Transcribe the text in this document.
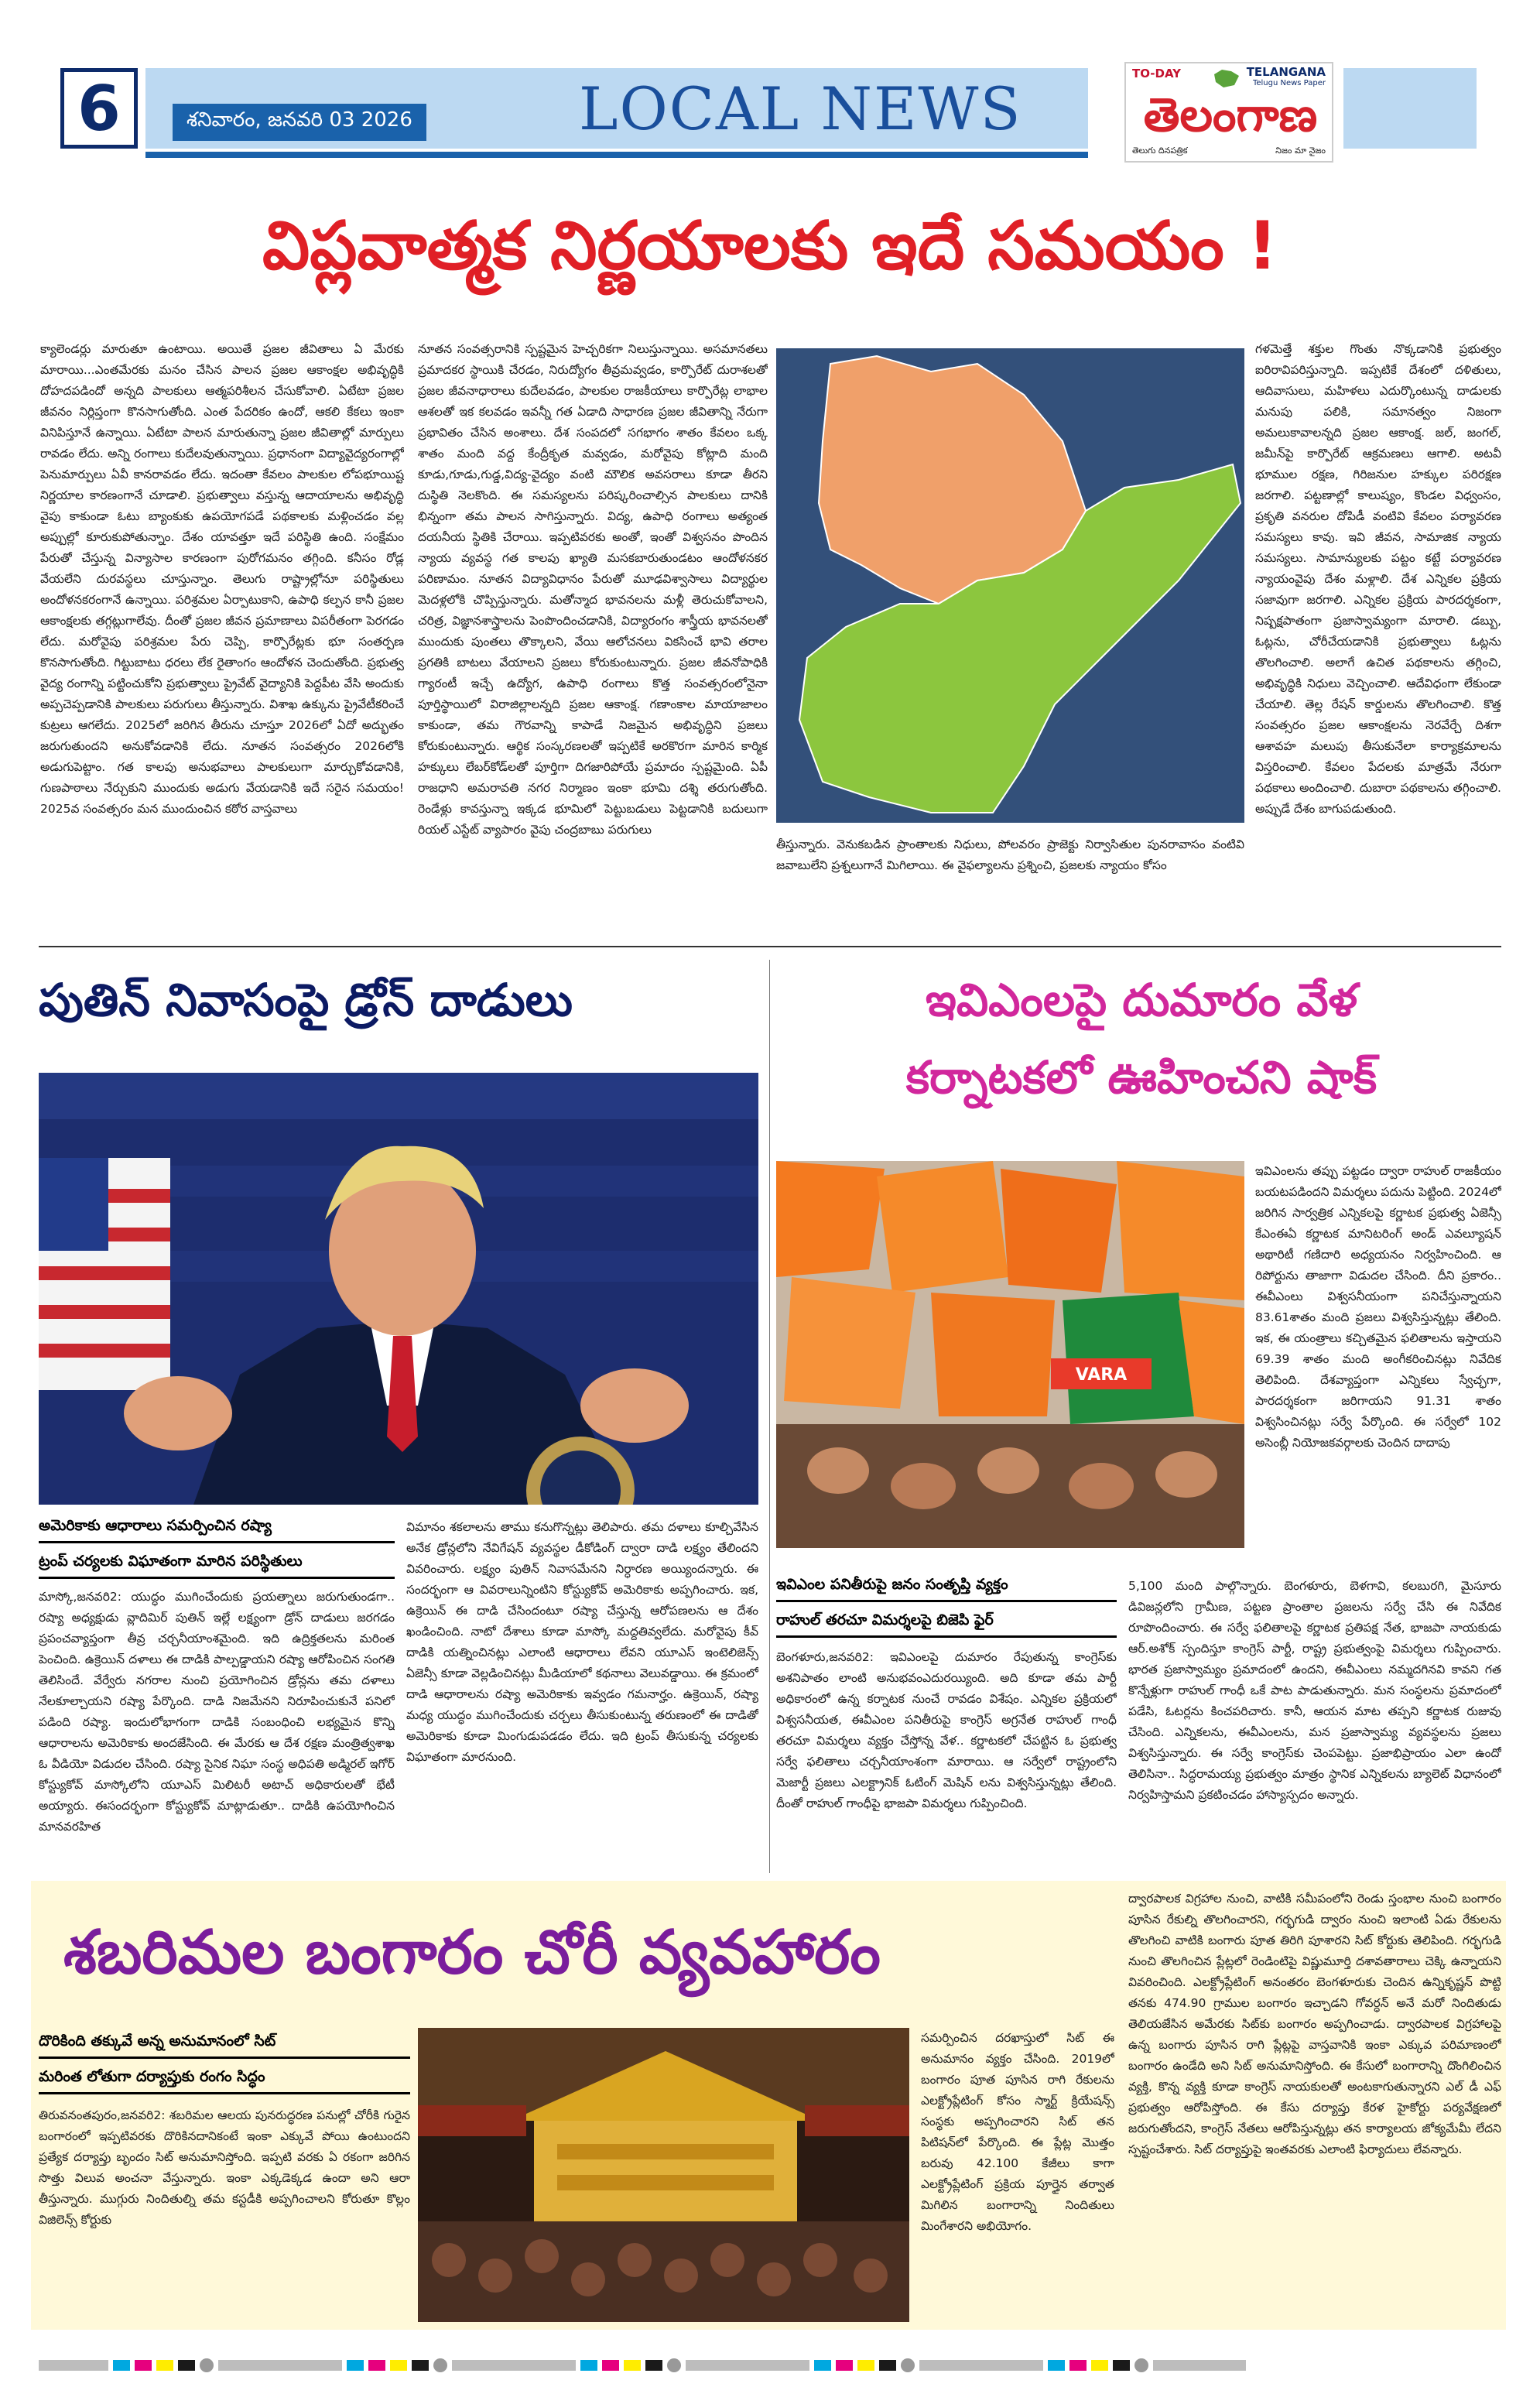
6	శనివారం, జనవరి 03 2026	LOCAL NEWS
TO-DAY	TELANGANA
Telugu News Paper
తెలంగాణ
తెలుగు దినపత్రిక	నిజం మా నైజం
విప్లవాత్మక నిర్ణయాలకు ఇదే సమయం !

క్యాలెండర్లు మారుతూ ఉంటాయి. అయితే ప్రజల జీవితాలు ఏ మేరకు మారాయి...ఎంతమేరకు మనం చేసిన పాలన ప్రజల ఆకాంక్షల అభివృద్ధికి దోహదపడిందో అన్నది పాలకులు ఆత్మపరిశీలన చేసుకోవాలి. ఏటేటా ప్రజల జీవనం నిర్లిప్తంగా కొనసాగుతోంది. ఎంత పేదరికం ఉందో, ఆకలి కేకలు ఇంకా వినిపిస్తూనే ఉన్నాయి. ఏటేటా పాలన మారుతున్నా ప్రజల జీవితాల్లో మార్పులు రావడం లేదు. అన్ని రంగాలు కుదేలవుతున్నాయి. ప్రధానంగా విద్యావైద్యరంగాల్లో పెనుమార్పులు ఏవీ కానరావడం లేదు. ఇదంతా కేవలం పాలకుల లోపభూయిష్ట నిర్ణయాల కారణంగానే చూడాలి. ప్రభుత్వాలు వస్తున్న ఆదాయాలను అభివృద్ధి వైపు కాకుండా ఓటు బ్యాంకుకు ఉపయోగపడే పథకాలకు మళ్లించడం వల్ల అప్పుల్లో కూరుకుపోతున్నాం. దేశం యావత్తూ ఇదే పరిస్థితి ఉంది. సంక్షేమం పేరుతో చేస్తున్న విన్యాసాల కారణంగా పురోగమనం తగ్గింది. కనీసం రోడ్ల వేయలేని దురవస్థలు చూస్తున్నాం. తెలుగు రాష్ట్రాల్లోనూ పరిస్థితులు అందోళనకరంగానే ఉన్నాయి. పరిశ్రమల ఏర్పాటుకాని, ఉపాధి కల్పన కానీ ప్రజల ఆకాంక్షలకు తగ్గట్లుగాలేవు. దీంతో ప్రజల జీవన ప్రమాణాలు విపరీతంగా పెరగడం లేదు. మరోవైపు పరిశ్రమల పేరు చెప్పి, కార్పొరేట్లకు భూ సంతర్పణ కొనసాగుతోంది. గిట్టుబాటు ధరలు లేక రైతాంగం ఆందోళన చెందుతోంది. ప్రభుత్వ వైద్య రంగాన్ని పట్టించుకోని ప్రభుత్వాలు ప్రైవేట్ వైద్యానికి పెద్దపీట వేసి అందుకు అప్పచెప్పడానికి పాలకులు పరుగులు తీస్తున్నారు. విశాఖ ఉక్కును ప్రైవేటీకరించే కుట్రలు ఆగలేదు. 2025లో జరిగిన తీరును చూస్తూ 2026లో ఏదో అద్భుతం జరుగుతుందని అనుకోవడానికి లేదు. నూతన సంవత్సరం 2026లోకి అడుగుపెట్టాం. గత కాలపు అనుభవాలు పాలకులుగా మార్చుకోవడానికి, గుణపాఠాలు నేర్చుకుని ముందుకు అడుగు వేయడానికి ఇదే సరైన సమయం! 2025వ సంవత్సరం మన ముందుంచిన కఠోర వాస్తవాలు

నూతన సంవత్సరానికి స్పష్టమైన హెచ్చరికగా నిలుస్తున్నాయి. అసమానతలు ప్రమాదకర స్థాయికి చేరడం, నిరుద్యోగం తీవ్రమవ్వడం, కార్పొరేట్ దురాశలతో ప్రజల జీవనాధారాలు కుదేలవడం, పాలకుల రాజకీయాలు కార్పొరేట్ల లాభాల ఆశలతో ఇక కలవడం ఇవన్నీ గత ఏడాది సాధారణ ప్రజల జీవితాన్ని నేరుగా ప్రభావితం చేసిన అంశాలు. దేశ సంపదలో సగభాగం శాతం కేవలం ఒక్క శాతం మంది వద్ద కేంద్రీకృత మవ్వడం, మరోవైపు కోట్లాది మంది కూడు,గూడు,గుడ్డ,విద్య-వైద్యం వంటి మౌలిక అవసరాలు కూడా తీరని దుస్థితి నెలకొంది. ఈ సమస్యలను పరిష్కరించాల్సిన పాలకులు దానికి భిన్నంగా తమ పాలన సాగిస్తున్నారు. విద్య, ఉపాధి రంగాలు అత్యంత దయనీయ స్థితికి చేరాయి. ఇప్పటివరకు అంతో, ఇంతో విశ్వసనం పొందిన న్యాయ వ్యవస్థ గత కాలపు ఖ్యాతి మసకబారుతుండటం ఆందోళనకర పరిణామం. నూతన విద్యావిధానం పేరుతో మూఢవిశ్వాసాలు విద్యార్థుల మెదళ్లలోకి చొప్పిస్తున్నారు. మతోన్మాద భావనలను మళ్లీ తెరుచుకోవాలని, చరిత్ర, విజ్ఞానశాస్త్రాలను పెంపొందించడానికి, విద్యారంగం శాస్త్రీయ భావనలతో ముందుకు పుంతలు తొక్కాలని, వేయి ఆలోచనలు వికసించే భావి తరాల ప్రగతికి బాటలు వేయాలని ప్రజలు కోరుకుంటున్నారు. ప్రజల జీవనోపాధికి గ్యారంటీ ఇచ్చే ఉద్యోగ, ఉపాధి రంగాలు కొత్త సంవత్సరంలోనైనా పూర్తిస్థాయిలో విరాజిల్లాలన్నది ప్రజల ఆకాంక్ష. గణాంకాల మాయాజాలం కాకుండా, తమ గౌరవాన్ని కాపాడే నిజమైన అభివృద్ధిని ప్రజలు కోరుకుంటున్నారు. ఆర్థిక సంస్కరణలతో ఇప్పటికే అరకొరగా మారిన కార్మిక హక్కులు లేబర్‌కోడ్‌లతో పూర్తిగా దిగజారిపోయే ప్రమాదం స్పష్టమైంది. ఏపీ రాజధాని అమరావతి నగర నిర్మాణం ఇంకా భూమి దశ్శి తరుగుతోంది. రెండేళ్లు కావస్తున్నా ఇక్కడ భూమిలో పెట్టుబడులు పెట్టడానికి బదులుగా రియల్ ఎస్టేట్ వ్యాపారం వైపు చంద్రబాబు పరుగులు

తీస్తున్నారు. వెనుకబడిన ప్రాంతాలకు నిధులు, పోలవరం ప్రాజెక్టు నిర్వాసితుల పునరావాసం వంటివి జవాబులేని ప్రశ్నలుగానే మిగిలాయి. ఈ వైఫల్యాలను ప్రశ్నించి, ప్రజలకు న్యాయం కోసం

గళమెత్తే శక్తుల గొంతు నొక్కడానికి ప్రభుత్వం ఐరిరావిపరిస్తున్నాది. ఇప్పటికే దేశంలో దళితులు, ఆదివాసులు, మహిళలు ఎదుర్కొంటున్న దాడులకు మనుపు పలికి, సమానత్వం నిజంగా అమలుకావాలన్నది ప్రజల ఆకాంక్ష. జల్, జంగల్, జమీన్‌పై కార్పొరేట్ ఆక్రమణలు ఆగాలి. అటవీ భూముల రక్షణ, గిరిజనుల హక్కుల పరిరక్షణ జరగాలి. పట్టణాల్లో కాలుష్యం, కొండల విధ్వంసం, ప్రకృతి వనరుల దోపిడీ వంటివి కేవలం పర్యావరణ సమస్యలు కావు. ఇవి జీవన, సామాజిక న్యాయ సమస్యలు. సామాన్యులకు పట్టం కట్టే పర్యావరణ న్యాయంవైపు దేశం మళ్లాలి. దేశ ఎన్నికల ప్రక్రియ సజావుగా జరగాలి. ఎన్నికల ప్రక్రియ పారదర్శకంగా, నిష్పక్షపాతంగా ప్రజాస్వామ్యంగా మారాలి. డబ్బు, ఓట్లను, చోరీచేయడానికి ప్రభుత్వాలు ఓట్లను తొలగించాలి. అలాగే ఉచిత పథకాలను తగ్గించి, అభివృద్ధికి నిధులు వెచ్చించాలి. ఆదేవిధంగా లేకుండా చేయాలి. తెల్ల రేషన్ కార్డులను తొలగించాలి. కొత్త సంవత్సరం ప్రజల ఆకాంక్షలను నెరవేర్చే దిశగా ఆశావహ మలుపు తీసుకునేలా కార్యాక్రమాలను విస్తరించాలి. కేవలం పేదలకు మాత్రమే నేరుగా పథకాలు అందించాలి. దుబారా పథకాలను తగ్గించాలి. అప్పుడే దేశం బాగుపడుతుంది.

పుతిన్ నివాసంపై డ్రోన్ దాడులు
అమెరికాకు ఆధారాలు సమర్పించిన రష్యా
ట్రంప్ చర్యలకు విఘాతంగా మారిన పరిస్థితులు

మాస్కో,జనవరి2: యుద్ధం ముగించేందుకు ప్రయత్నాలు జరుగుతుండగా.. రష్యా అధ్యక్షుడు వ్లాదిమిర్ పుతిన్ ఇల్లే లక్ష్యంగా డ్రోన్ దాడులు జరగడం ప్రపంచవ్యాప్తంగా తీవ్ర చర్చనీయాంశమైంది. ఇది ఉద్రిక్తతలను మరింత పెంచింది. ఉక్రెయిన్ దళాలు ఈ దాడికి పాల్పడ్డాయని రష్యా ఆరోపించిన సంగతి తెలిసిందే. వేర్వేరు నగరాల నుంచి ప్రయోగించిన డ్రోన్లను తమ దళాలు నేలకూల్చాయని రష్యా పేర్కొంది. దాడి నిజమేనని నిరూపించుకునే పనిలో పడింది రష్యా. ఇందులోభాగంగా దాడికి సంబంధించి లభ్యమైన కొన్ని ఆధారాలను అమెరికాకు అందజేసింది. ఈ మేరకు ఆ దేశ రక్షణ మంత్రిత్వశాఖ ఓ వీడియో విడుదల చేసింది. రష్యా సైనిక నిఘా సంస్థ అధిపతి అడ్మిరల్ ఇగోర్ కోస్ట్యుకోవ్ మాస్కోలోని యూఎస్ మిలిటరీ అటాచ్ అధికారులతో భేటీ అయ్యారు. ఈసందర్భంగా కోస్ట్యుకోవ్ మాట్లాడుతూ.. దాడికి ఉపయోగించిన మానవరహిత

విమానం శకలాలను తాము కనుగొన్నట్లు తెలిపారు. తమ దళాలు కూల్చివేసిన అనేక డ్రోన్లలోని నేవిగేషన్ వ్యవస్థల డీకోడింగ్ ద్వారా దాడి లక్ష్యం తేలిందని వివరించారు. లక్ష్యం పుతిన్ నివాసమేనని నిర్ధారణ అయ్యిందన్నారు. ఈ సందర్భంగా ఆ వివరాలున్నింటిని కోస్ట్యుకోవ్ అమెరికాకు అప్పగించారు. ఇక, ఉక్రెయిన్ ఈ దాడి చేసిందంటూ రష్యా చేస్తున్న ఆరోపణలను ఆ దేశం ఖండించింది. నాటో దేశాలు కూడా మాస్కో మద్దతివ్వలేదు. మరోవైపు కీవ్ దాడికి యత్నించినట్లు ఎలాంటి ఆధారాలు లేవని యూఎస్ ఇంటెలిజెన్స్ ఏజెన్సీ కూడా వెల్లడించినట్లు మీడియాలో కథనాలు వెలువడ్డాయి. ఈ క్రమంలో దాడి ఆధారాలను రష్యా అమెరికాకు ఇవ్వడం గమనార్హం. ఉక్రెయిన్, రష్యా మధ్య యుద్ధం ముగించేందుకు చర్చలు తీసుకుంటున్న తరుణంలో ఈ దాడితో అమెరికాకు కూడా మింగుడుపడడం లేదు. ఇది ట్రంప్ తీసుకున్న చర్యలకు విఘాతంగా మారనుంది.

ఇవిఎంలపై దుమారం వేళ
కర్నాటకలో ఊహించని షాక్
VARA

ఇవిఎంలను తప్పు పట్టడం ద్వారా రాహుల్ రాజకీయం బయటపడిందని విమర్శలు పదును పెట్టింది. 2024లో జరిగిన సార్వత్రిక ఎన్నికలపై కర్ణాటక ప్రభుత్వ ఏజెన్సీ కేఎంఈఏ కర్ణాటక మానిటరింగ్ అండ్ ఎవల్యూషన్ అథారిటీ గణిదారి అధ్యయనం నిర్వహించింది. ఆ రిపోర్టును తాజాగా విడుదల చేసింది. దీని ప్రకారం.. ఈవీఎంలు విశ్వసనీయంగా పనిచేస్తున్నాయని 83.61శాతం మంది ప్రజలు విశ్వసిస్తున్నట్లు తేలింది. ఇక, ఈ యంత్రాలు కచ్చితమైన ఫలితాలను ఇస్తాయని 69.39 శాతం మంది అంగీకరించినట్లు నివేదిక తెలిపింది. దేశవ్యాప్తంగా ఎన్నికలు స్వేచ్ఛగా, పారదర్శకంగా జరిగాయని 91.31 శాతం విశ్వసించినట్లు సర్వే పేర్కొంది. ఈ సర్వేలో 102 అసెంబ్లీ నియోజకవర్గాలకు చెందిన దాదాపు

ఇవిఎంల పనితీరుపై జనం సంతృప్తి వ్యక్తం
రాహుల్ తరచూ విమర్శలపై బిజెపి ఫైర్

బెంగళూరు,జనవరి2: ఇవిఎంలపై దుమారం రేపుతున్న కాంగ్రెస్‌కు అశనిపాతం లాంటి అనుభవంఎదురయ్యింది. అది కూడా తమ పార్టీ అధికారంలో ఉన్న కర్నాటక నుంచే రావడం విశేషం. ఎన్నికల ప్రక్రియలో విశ్వసనీయత, ఈవీఎంల పనితీరుపై కాంగ్రెస్ అగ్రనేత రాహుల్ గాంధీ తరచూ విమర్శలు వ్యక్తం చేస్తోన్న వేళ.. కర్ణాటకలో చేపట్టిన ఓ ప్రభుత్వ సర్వే ఫలితాలు చర్చనీయాంశంగా మారాయి. ఆ సర్వేలో రాష్ట్రంలోని మెజార్టీ ప్రజలు ఎలక్ట్రానిక్ ఓటింగ్ మెషిన్ లను విశ్వసిస్తున్నట్లు తేలింది. దీంతో రాహుల్ గాంధీపై భాజపా విమర్శలు గుప్పించింది.

5,100 మంది పాల్గొన్నారు. బెంగళూరు, బెళగావి, కలబురగి, మైసూరు డివిజన్లలోని గ్రామీణ, పట్టణ ప్రాంతాల ప్రజలను సర్వే చేసి ఈ నివేదిక రూపొందించారు. ఈ సర్వే ఫలితాలపై కర్ణాటక ప్రతిపక్ష నేత, భాజపా నాయకుడు ఆర్.అశోక్ స్పందిస్తూ కాంగ్రెస్ పార్టీ, రాష్ట్ర ప్రభుత్వంపై విమర్శలు గుప్పించారు. భారత ప్రజాస్వామ్యం ప్రమాదంలో ఉందని, ఈవీఎంలు నమ్మదగినవి కావని గత కొన్నేళ్లుగా రాహుల్ గాంధీ ఒకే పాట పాడుతున్నారు. మన సంస్థలను ప్రమాదంలో పడేసి, ఓటర్లను కించపరిచారు. కానీ, ఆయన మాట తప్పని కర్ణాటక రుజువు చేసింది. ఎన్నికలను, ఈవీఎంలను, మన ప్రజాస్వామ్య వ్యవస్థలను ప్రజలు విశ్వసిస్తున్నారు. ఈ సర్వే కాంగ్రెస్‌కు చెంపపెట్టు. ప్రజాభిప్రాయం ఎలా ఉందో తెలిసినా.. సిద్ధరామయ్య ప్రభుత్వం మాత్రం స్థానిక ఎన్నికలను బ్యాలెట్ విధానంలో నిర్వహిస్తామని ప్రకటించడం హాస్యాస్పదం అన్నారు.

శబరిమల బంగారం చోరీ వ్యవహారం
దొరికింది తక్కువే అన్న అనుమానంలో సిట్
మరింత లోతుగా దర్యాప్తుకు రంగం సిద్ధం

తిరువనంతపురం,జనవరి2: శబరిమల ఆలయ పునరుద్ధరణ పనుల్లో చోరీకి గురైన బంగారంలో ఇప్పటివరకు దొరికినదానికంటే ఇంకా ఎక్కువే పోయి ఉంటుందని ప్రత్యేక దర్యాప్తు బృందం సిట్ అనుమానిస్తోంది. ఇప్పటి వరకు ఏ రకంగా జరిగిన సొత్తు విలువ అంచనా వేస్తున్నారు. ఇంకా ఎక్కడెక్కడ ఉందా అని ఆరా తీస్తున్నారు. ముగ్గురు నిందితుల్ని తమ కస్టడీకి అప్పగించాలని కోరుతూ కొల్లం విజిలెన్స్ కోర్టుకు

సమర్పించిన దరఖాస్తులో సిట్ ఈ అనుమానం వ్యక్తం చేసింది. 2019లో బంగారం పూత పూసిన రాగి రేకులను ఎలక్ట్రోప్లేటింగ్ కోసం స్మార్ట్ క్రియేషన్స్ సంస్థకు అప్పగించారని సిట్ తన పిటిషన్‌లో పేర్కొంది. ఈ ప్లేట్ల మొత్తం బరువు 42.100 కేజీలు కాగా ఎలక్ట్రోప్లేటింగ్ ప్రక్రియ పూర్తైన తర్వాత మిగిలిన బంగారాన్ని నిందితులు మింగేశారని అభియోగం.

ద్వారపాలక విగ్రహాల నుంచి, వాటికి సమీపంలోని రెండు స్తంభాల నుంచి బంగారం పూసిన రేకుల్ని తొలగించారని, గర్భగుడి ద్వారం నుంచి ఇలాంటి ఏడు రేకులను తొలగించి వాటికి బంగారు పూత తిరిగి పూశారని సిట్ కోర్టుకు తెలిపింది. గర్భగుడి నుంచి తొలగించిన ప్లేట్లలో రెండింటిపై విష్ణుమూర్తి దశావతారాలు చెక్కి ఉన్నాయని వివరించింది. ఎలక్ట్రోప్లేటింగ్ అనంతరం బెంగళూరుకు చెందిన ఉన్నికృష్ణన్ పొట్టి తనకు 474.90 గ్రాముల బంగారం ఇచ్చాడని గోవర్ధన్ అనే మరో నిందితుడు తెలియజేసిన అమేరకు సిట్‌కు బంగారం అప్పగించాడు. ద్వారపాలక విగ్రహాలపై ఉన్న బంగారు పూసిన రాగి ప్లేట్లపై వాస్తవానికి ఇంకా ఎక్కువ పరిమాణంలో బంగారం ఉండేది అని సిట్ అనుమానిస్తోంది. ఈ కేసులో బంగారాన్ని దొంగిలించిన వ్యక్తి, కొన్న వ్యక్తి కూడా కాంగ్రెస్ నాయకులతో అంటకాగుతున్నారని ఎల్ డీ ఎఫ్ ప్రభుత్వం ఆరోపిస్తోంది. ఈ కేసు దర్యాప్తు కేరళ హైకోర్టు పర్యవేక్షణలో జరుగుతోందని, కాంగ్రెస్ నేతలు ఆరోపిస్తున్నట్లు తన కార్యాలయ జోక్యమేమీ లేదని స్పష్టంచేశారు. సిట్ దర్యాప్తుపై ఇంతవరకు ఎలాంటి ఫిర్యాదులు లేవన్నారు.
